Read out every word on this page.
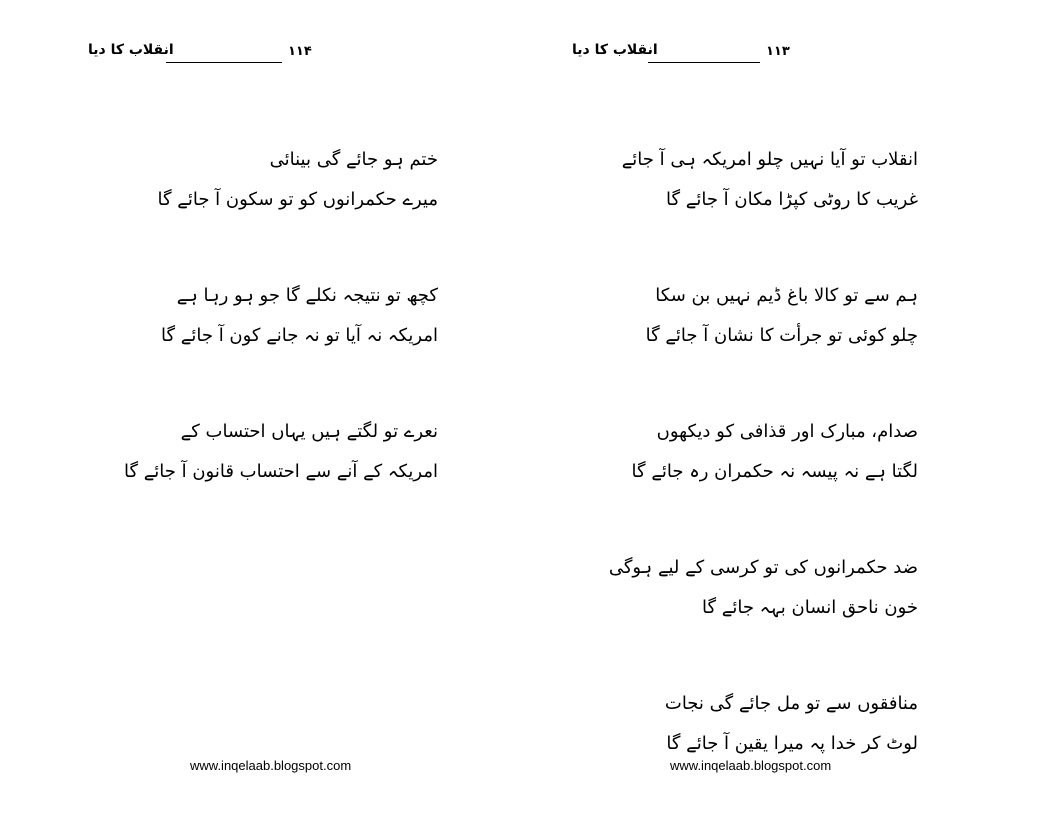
انقلاب کا دیا	۱۱۴
ختم ہو جائے گی بینائی
میرے حکمرانوں کو تو سکون آ جائے گا
کچھ تو نتیجہ نکلے گا جو ہو رہا ہے
امریکہ نہ آیا تو نہ جانے کون آ جائے گا
نعرے تو لگتے ہیں یہاں احتساب کے
امریکہ کے آنے سے احتساب قانون آ جائے گا
www.inqelaab.blogspot.com
انقلاب کا دیا	۱۱۳
انقلاب تو آیا نہیں چلو امریکہ ہی آ جائے
غریب کا روٹی کپڑا مکان آ جائے گا
ہم سے تو کالا باغ ڈیم نہیں بن سکا
چلو کوئی تو جرأت کا نشان آ جائے گا
صدام، مبارک اور قذافی کو دیکھوں
لگتا ہے نہ پیسہ نہ حکمران رہ جائے گا
ضد حکمرانوں کی تو کرسی کے لیے ہوگی
خون ناحق انسان بہہ جائے گا
منافقوں سے تو مل جائے گی نجات
لوٹ کر خدا پہ میرا یقین آ جائے گا
www.inqelaab.blogspot.com
